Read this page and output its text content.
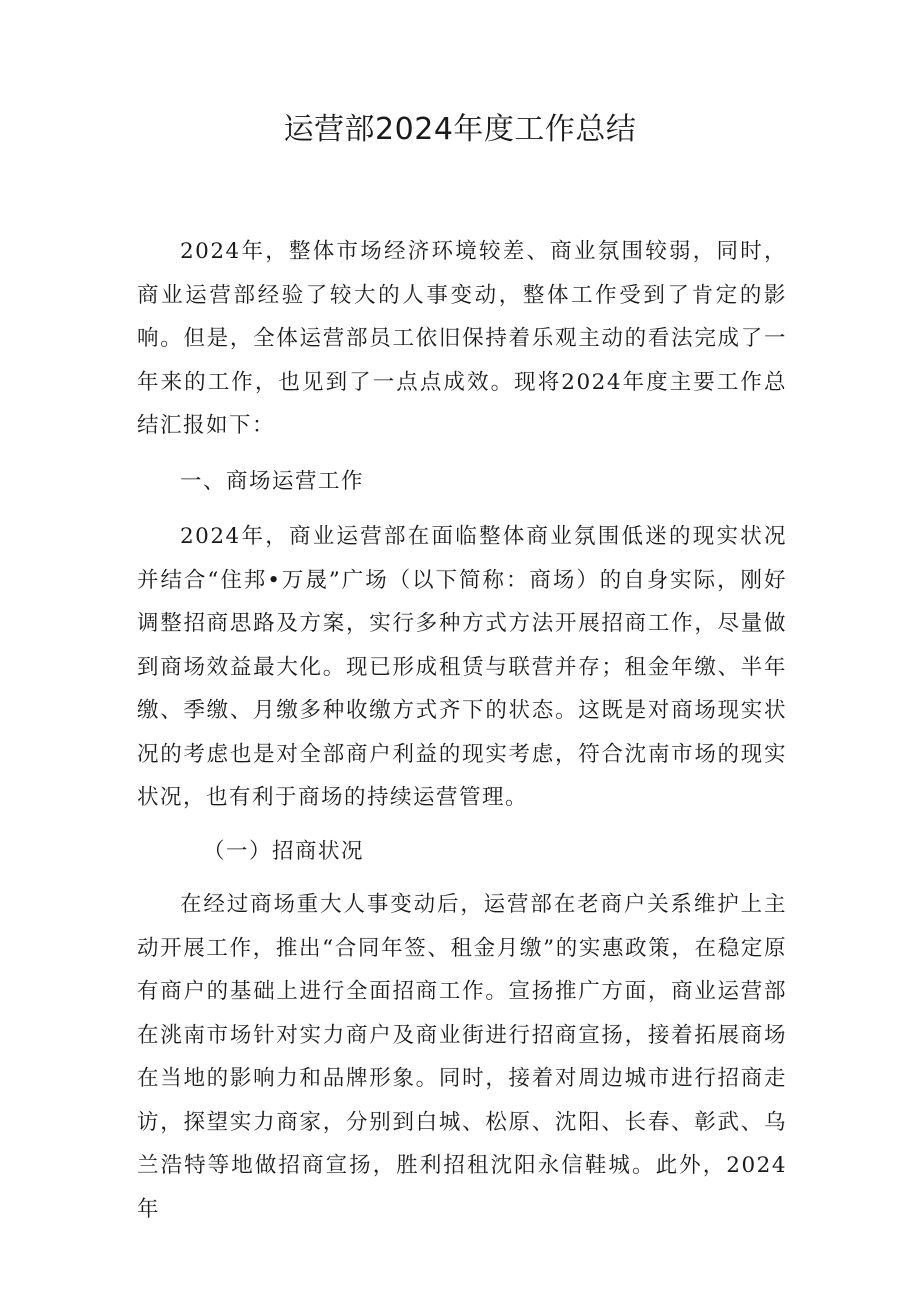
运营部2024年度工作总结

2024年，整体市场经济环境较差、商业氛围较弱，同时，商业运营部经验了较大的人事变动，整体工作受到了肯定的影响。但是，全体运营部员工依旧保持着乐观主动的看法完成了一年来的工作，也见到了一点点成效。现将2024年度主要工作总结汇报如下：

一、商场运营工作

2024年，商业运营部在面临整体商业氛围低迷的现实状况并结合“住邦•万晟”广场（以下简称：商场）的自身实际，刚好调整招商思路及方案，实行多种方式方法开展招商工作，尽量做到商场效益最大化。现已形成租赁与联营并存；租金年缴、半年缴、季缴、月缴多种收缴方式齐下的状态。这既是对商场现实状况的考虑也是对全部商户利益的现实考虑，符合沈南市场的现实状况，也有利于商场的持续运营管理。

（一）招商状况

在经过商场重大人事变动后，运营部在老商户关系维护上主动开展工作，推出“合同年签、租金月缴”的实惠政策，在稳定原有商户的基础上进行全面招商工作。宣扬推广方面，商业运营部在洮南市场针对实力商户及商业街进行招商宣扬，接着拓展商场在当地的影响力和品牌形象。同时，接着对周边城市进行招商走访，探望实力商家，分别到白城、松原、沈阳、长春、彰武、乌兰浩特等地做招商宣扬，胜利招租沈阳永信鞋城。此外，2024年
